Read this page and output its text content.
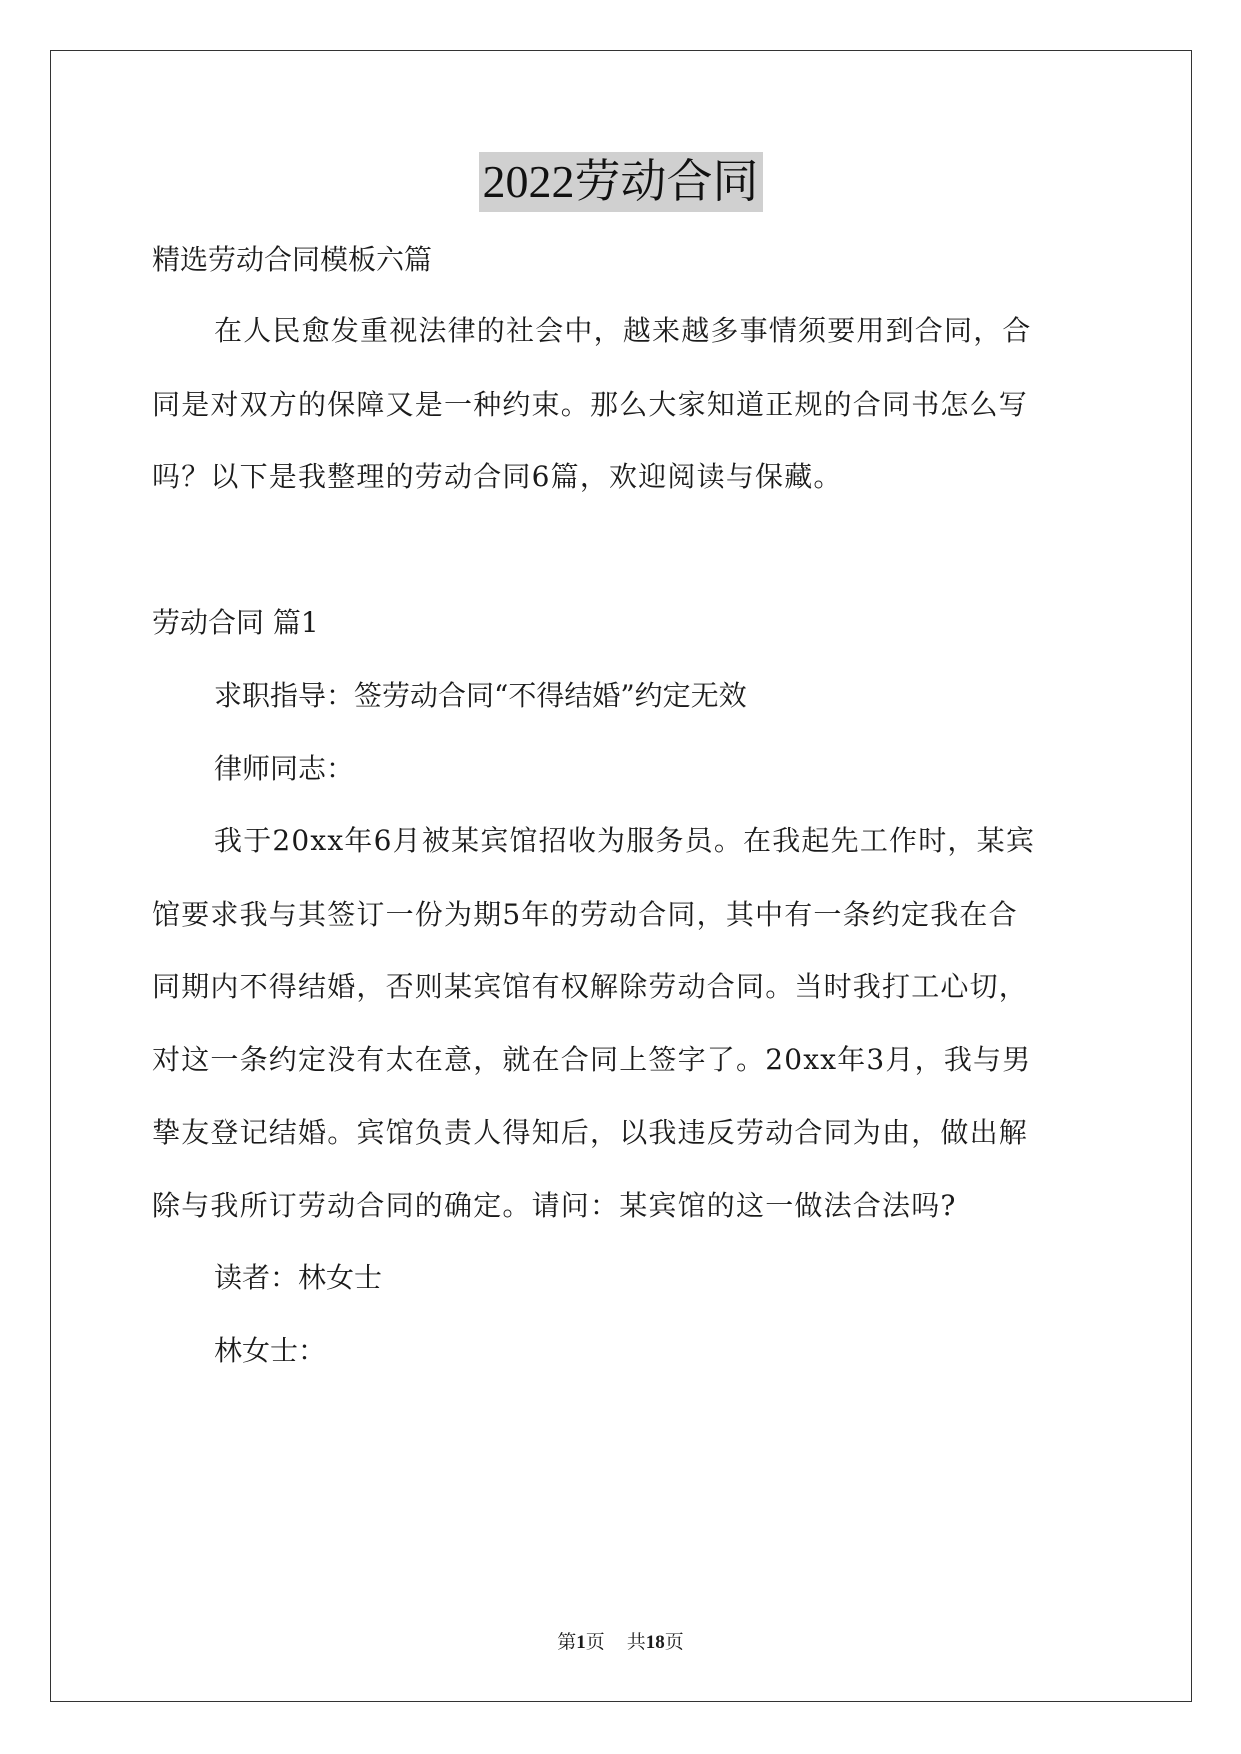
2022劳动合同
精选劳动合同模板六篇
在人民愈发重视法律的社会中，越来越多事情须要用到合同，合
同是对双方的保障又是一种约束。那么大家知道正规的合同书怎么写
吗？以下是我整理的劳动合同6篇，欢迎阅读与保藏。
劳动合同 篇1
求职指导：签劳动合同“不得结婚”约定无效
律师同志：
我于20xx年6月被某宾馆招收为服务员。在我起先工作时，某宾
馆要求我与其签订一份为期5年的劳动合同，其中有一条约定我在合
同期内不得结婚，否则某宾馆有权解除劳动合同。当时我打工心切，
对这一条约定没有太在意，就在合同上签字了。20xx年3月，我与男
挚友登记结婚。宾馆负责人得知后，以我违反劳动合同为由，做出解
除与我所订劳动合同的确定。请问：某宾馆的这一做法合法吗?
读者：林女士
林女士：
第1页 共18页
